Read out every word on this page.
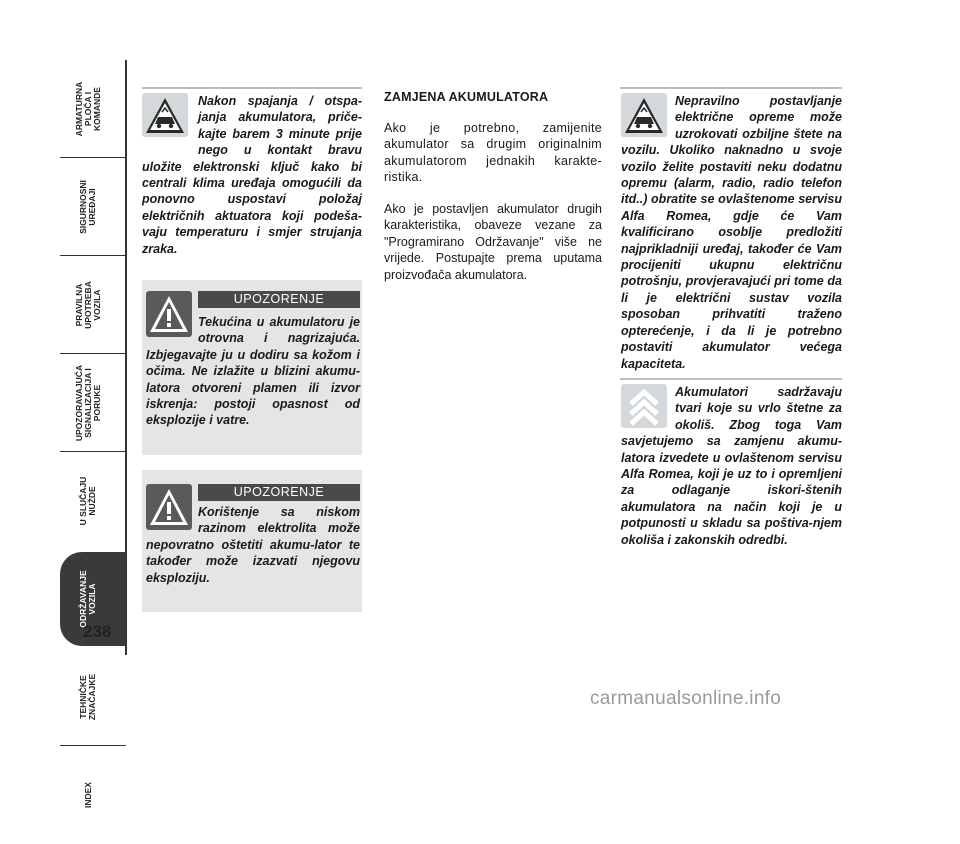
ARMATURNA
PLOČA I
KOMANDE
SIGURNOSNI
UREĐAJI
PRAVILNA
UPOTREBA
VOZILA
UPOZORAVAJUĆA
SIGNALIZACIJA I
PORUKE
U SLUČAJU
NUŽDE
ODRŽAVANJE
VOZILA
TEHNIČKE
ZNAČAJKE
INDEX
238
Nakon spajanja / otspa-janja akumulatora, priče-kajte barem 3 minute prije nego u kontakt bravu uložite elektronski ključ kako bi centrali klima uređaja omogućili da ponovno uspostavi položaj električnih aktuatora koji podeša-vaju temperaturu i smjer strujanja zraka.
UPOZORENJE
Tekućina u akumulatoru je otrovna i nagrizajuća. Izbjegavajte ju u dodiru sa kožom i očima. Ne izlažite u blizini akumu-latora otvoreni plamen ili izvor iskrenja: postoji opasnost od eksplozije i vatre.
UPOZORENJE
Korištenje sa niskom razinom elektrolita može nepovratno oštetiti akumu-lator te također može izazvati njegovu eksploziju.
ZAMJENA AKUMULATORA
Ako je potrebno, zamijenite akumulator sa drugim originalnim akumulatorom jednakih karakte-ristika.
Ako je postavljen akumulator drugih karakteristika, obaveze vezane za "Programirano Održavanje" više ne vrijede. Postupajte prema uputama proizvođača akumulatora.
Nepravilno postavljanje električne opreme može uzrokovati ozbiljne štete na vozilu. Ukoliko naknadno u svoje vozilo želite postaviti neku dodatnu opremu (alarm, radio, radio telefon itd..) obratite se ovlaštenome servisu Alfa Romea, gdje će Vam kvalificirano osoblje predložiti najprikladniji uređaj, također će Vam procijeniti ukupnu električnu potrošnju, provjeravajući pri tome da li je električni sustav vozila sposoban prihvatiti traženo opterećenje, i da li je potrebno postaviti akumulator većega kapaciteta.
Akumulatori sadržavaju tvari koje su vrlo štetne za okoliš. Zbog toga Vam savjetujemo sa zamjenu akumu-latora izvedete u ovlaštenom servisu Alfa Romea, koji je uz to i opremljeni za odlaganje iskori-štenih akumulatora na način koji je u potpunosti u skladu sa poštiva-njem okoliša i zakonskih odredbi.
carmanualsonline.info
